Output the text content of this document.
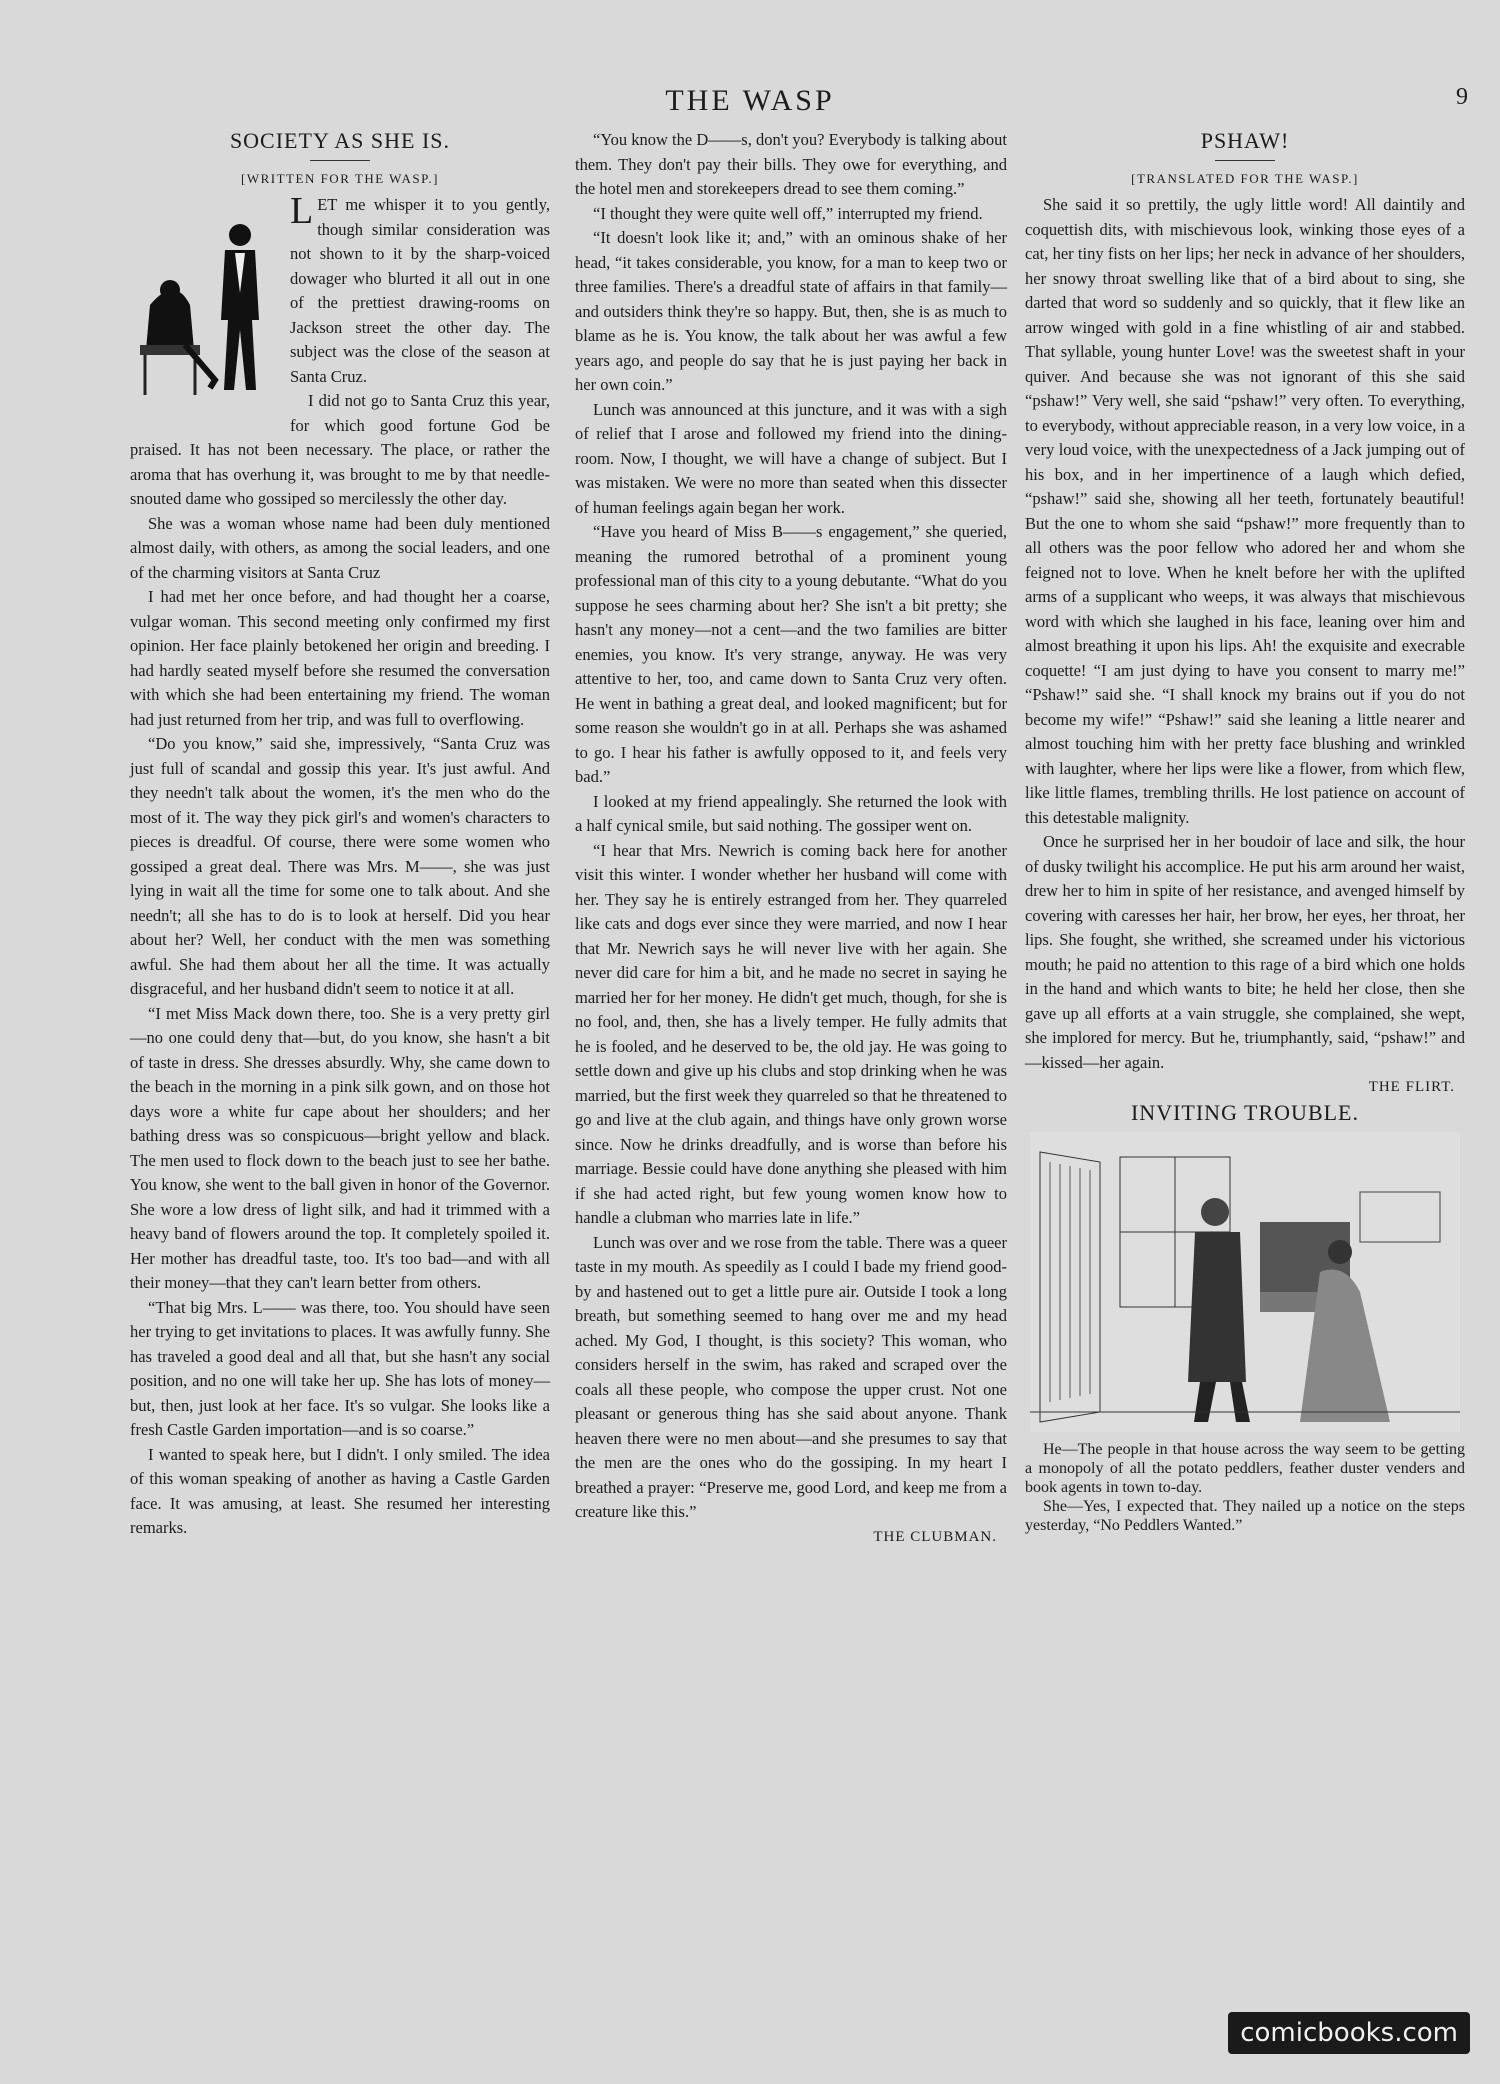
THE WASP	9
SOCIETY AS SHE IS.
[WRITTEN FOR THE WASP.]
L ET me whisper it to you gently, though similar consideration was not shown to it by the sharp-voiced dowager who blurted it all out in one of the prettiest drawing-rooms on Jackson street the other day. The subject was the close of the season at Santa Cruz.

I did not go to Santa Cruz this year, for which good fortune God be praised. It has not been necessary. The place, or rather the aroma that has overhung it, was brought to me by that needle-snouted dame who gossiped so mercilessly the other day.

She was a woman whose name had been duly mentioned almost daily, with others, as among the social leaders, and one of the charming visitors at Santa Cruz

I had met her once before, and had thought her a coarse, vulgar woman. This second meeting only confirmed my first opinion. Her face plainly betokened her origin and breeding. I had hardly seated myself before she resumed the conversation with which she had been entertaining my friend. The woman had just returned from her trip, and was full to overflowing.

“Do you know,” said she, impressively, “Santa Cruz was just full of scandal and gossip this year. It's just awful. And they needn't talk about the women, it's the men who do the most of it. The way they pick girl's and women's characters to pieces is dreadful. Of course, there were some women who gossiped a great deal. There was Mrs. M——, she was just lying in wait all the time for some one to talk about. And she needn't; all she has to do is to look at herself. Did you hear about her? Well, her conduct with the men was something awful. She had them about her all the time. It was actually disgraceful, and her husband didn't seem to notice it at all.

“I met Miss Mack down there, too. She is a very pretty girl—no one could deny that—but, do you know, she hasn't a bit of taste in dress. She dresses absurdly. Why, she came down to the beach in the morning in a pink silk gown, and on those hot days wore a white fur cape about her shoulders; and her bathing dress was so conspicuous—bright yellow and black. The men used to flock down to the beach just to see her bathe. You know, she went to the ball given in honor of the Governor. She wore a low dress of light silk, and had it trimmed with a heavy band of flowers around the top. It completely spoiled it. Her mother has dreadful taste, too. It's too bad—and with all their money—that they can't learn better from others.

“That big Mrs. L—— was there, too. You should have seen her trying to get invitations to places. It was awfully funny. She has traveled a good deal and all that, but she hasn't any social position, and no one will take her up. She has lots of money—but, then, just look at her face. It's so vulgar. She looks like a fresh Castle Garden importation—and is so coarse.”

I wanted to speak here, but I didn't. I only smiled. The idea of this woman speaking of another as having a Castle Garden face. It was amusing, at least. She resumed her interesting remarks.

“You know the D——s, don't you? Everybody is talking about them. They don't pay their bills. They owe for everything, and the hotel men and storekeepers dread to see them coming.”

“I thought they were quite well off,” interrupted my friend.

“It doesn't look like it; and,” with an ominous shake of her head, “it takes considerable, you know, for a man to keep two or three families. There's a dreadful state of affairs in that family—and outsiders think they're so happy. But, then, she is as much to blame as he is. You know, the talk about her was awful a few years ago, and people do say that he is just paying her back in her own coin.”

Lunch was announced at this juncture, and it was with a sigh of relief that I arose and followed my friend into the dining-room. Now, I thought, we will have a change of subject. But I was mistaken. We were no more than seated when this dissecter of human feelings again began her work.

“Have you heard of Miss B——s engagement,” she queried, meaning the rumored betrothal of a prominent young professional man of this city to a young debutante. “What do you suppose he sees charming about her? She isn't a bit pretty; she hasn't any money—not a cent—and the two families are bitter enemies, you know. It's very strange, anyway. He was very attentive to her, too, and came down to Santa Cruz very often. He went in bathing a great deal, and looked magnificent; but for some reason she wouldn't go in at all. Perhaps she was ashamed to go. I hear his father is awfully opposed to it, and feels very bad.”

I looked at my friend appealingly. She returned the look with a half cynical smile, but said nothing. The gossiper went on.

“I hear that Mrs. Newrich is coming back here for another visit this winter. I wonder whether her husband will come with her. They say he is entirely estranged from her. They quarreled like cats and dogs ever since they were married, and now I hear that Mr. Newrich says he will never live with her again. She never did care for him a bit, and he made no secret in saying he married her for her money. He didn't get much, though, for she is no fool, and, then, she has a lively temper. He fully admits that he is fooled, and he deserved to be, the old jay. He was going to settle down and give up his clubs and stop drinking when he was married, but the first week they quarreled so that he threatened to go and live at the club again, and things have only grown worse since. Now he drinks dreadfully, and is worse than before his marriage. Bessie could have done anything she pleased with him if she had acted right, but few young women know how to handle a clubman who marries late in life.”

Lunch was over and we rose from the table. There was a queer taste in my mouth. As speedily as I could I bade my friend good-by and hastened out to get a little pure air. Outside I took a long breath, but something seemed to hang over me and my head ached. My God, I thought, is this society? This woman, who considers herself in the swim, has raked and scraped over the coals all these people, who compose the upper crust. Not one pleasant or generous thing has she said about anyone. Thank heaven there were no men about—and she presumes to say that the men are the ones who do the gossiping. In my heart I breathed a prayer: “Preserve me, good Lord, and keep me from a creature like this.”

THE CLUBMAN.
PSHAW!
[TRANSLATED FOR THE WASP.]

She said it so prettily, the ugly little word! All daintily and coquettish dits, with mischievous look, winking those eyes of a cat, her tiny fists on her lips; her neck in advance of her shoulders, her snowy throat swelling like that of a bird about to sing, she darted that word so suddenly and so quickly, that it flew like an arrow winged with gold in a fine whistling of air and stabbed. That syllable, young hunter Love! was the sweetest shaft in your quiver. And because she was not ignorant of this she said “pshaw!” Very well, she said “pshaw!” very often. To everything, to everybody, without appreciable reason, in a very low voice, in a very loud voice, with the unexpectedness of a Jack jumping out of his box, and in her impertinence of a laugh which defied, “pshaw!” said she, showing all her teeth, fortunately beautiful! But the one to whom she said “pshaw!” more frequently than to all others was the poor fellow who adored her and whom she feigned not to love. When he knelt before her with the uplifted arms of a supplicant who weeps, it was always that mischievous word with which she laughed in his face, leaning over him and almost breathing it upon his lips. Ah! the exquisite and execrable coquette! “I am just dying to have you consent to marry me!” “Pshaw!” said she. “I shall knock my brains out if you do not become my wife!” “Pshaw!” said she leaning a little nearer and almost touching him with her pretty face blushing and wrinkled with laughter, where her lips were like a flower, from which flew, like little flames, trembling thrills. He lost patience on account of this detestable malignity.

Once he surprised her in her boudoir of lace and silk, the hour of dusky twilight his accomplice. He put his arm around her waist, drew her to him in spite of her resistance, and avenged himself by covering with caresses her hair, her brow, her eyes, her throat, her lips. She fought, she writhed, she screamed under his victorious mouth; he paid no attention to this rage of a bird which one holds in the hand and which wants to bite; he held her close, then she gave up all efforts at a vain struggle, she complained, she wept, she implored for mercy. But he, triumphantly, said, “pshaw!” and—kissed—her again.

THE FLIRT.
INVITING TROUBLE.

He—The people in that house across the way seem to be getting a monopoly of all the potato peddlers, feather duster venders and book agents in town to-day.

She—Yes, I expected that. They nailed up a notice on the steps yesterday, “No Peddlers Wanted.”

comicbooks.com
